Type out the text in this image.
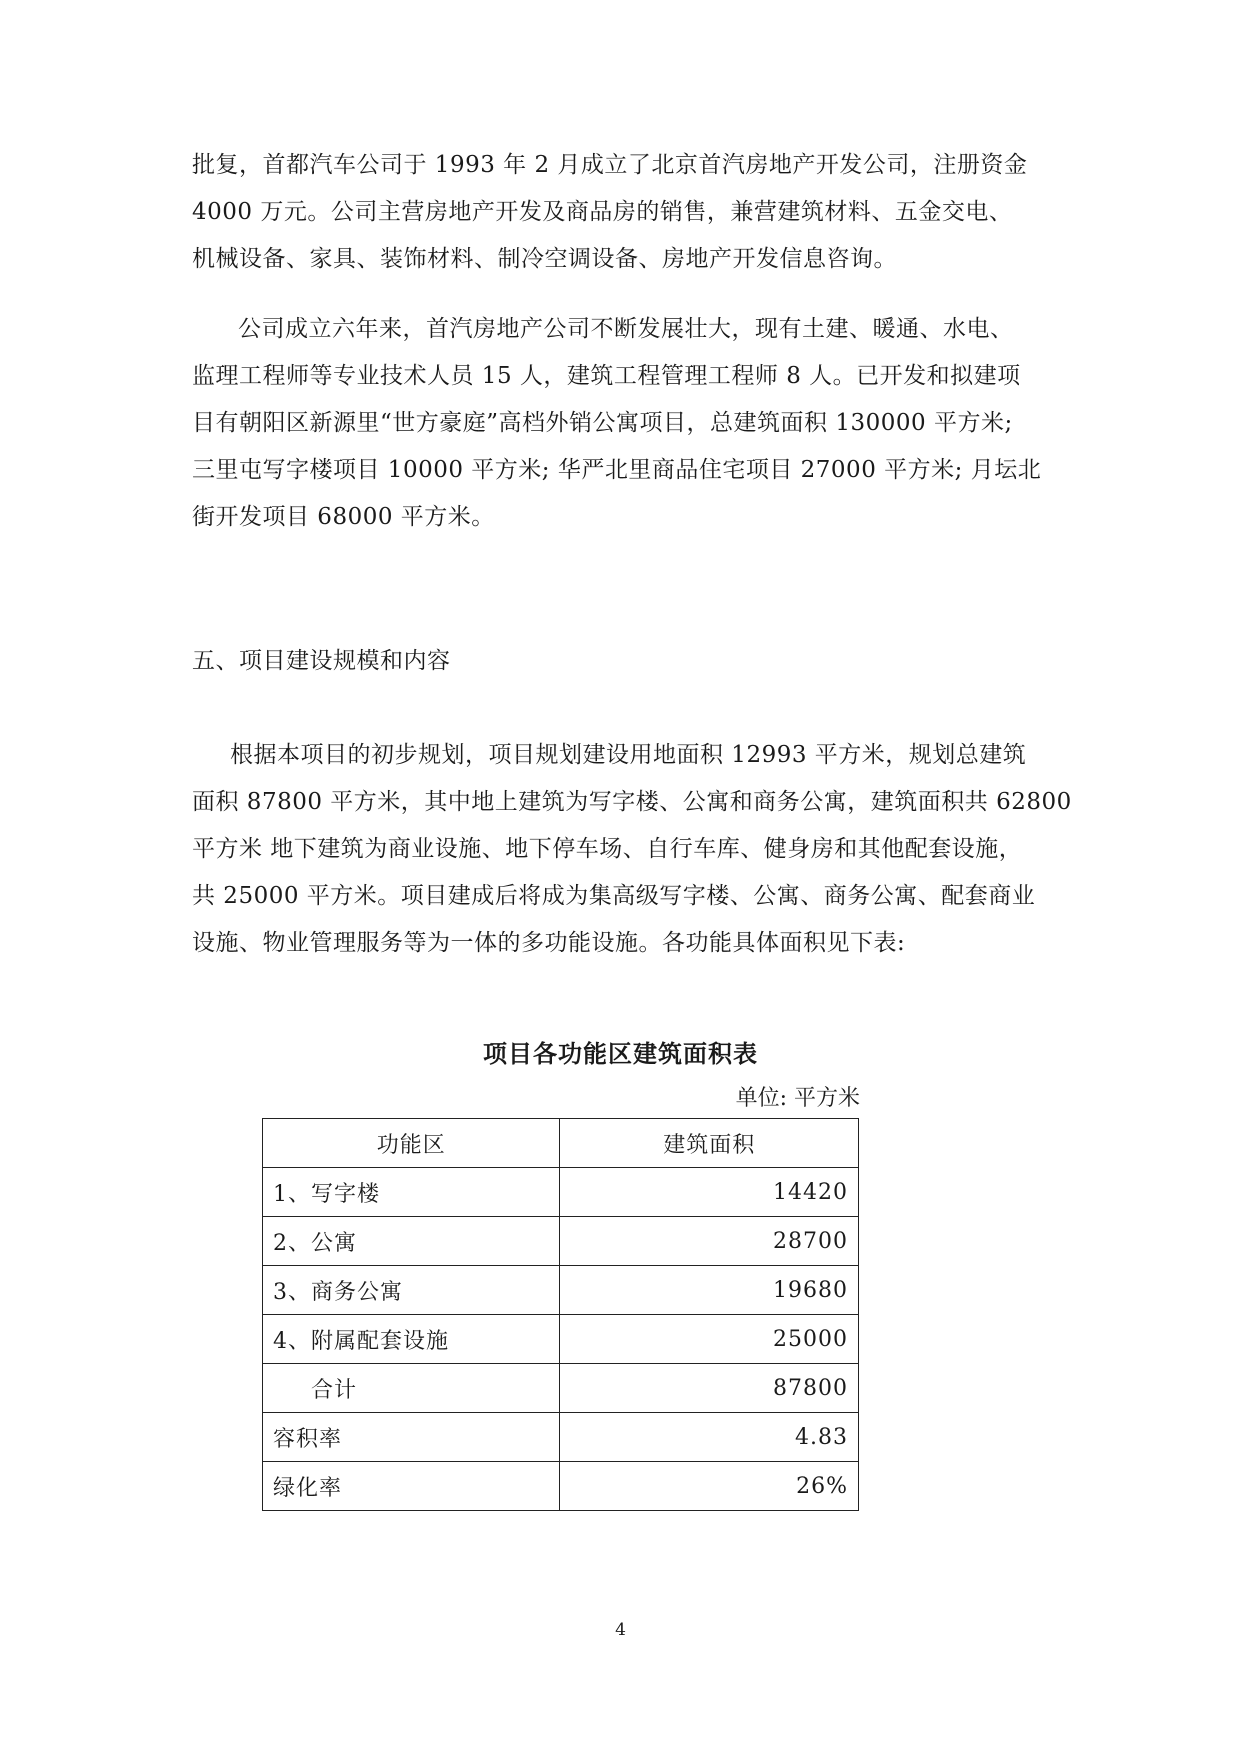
批复，首都汽车公司于 1993 年 2 月成立了北京首汽房地产开发公司，注册资金
4000 万元。公司主营房地产开发及商品房的销售，兼营建筑材料、五金交电、
机械设备、家具、装饰材料、制冷空调设备、房地产开发信息咨询。
公司成立六年来，首汽房地产公司不断发展壮大，现有土建、暖通、水电、
监理工程师等专业技术人员 15 人，建筑工程管理工程师 8 人。已开发和拟建项
目有朝阳区新源里“世方豪庭”高档外销公寓项目，总建筑面积 130000 平方米;
三里屯写字楼项目 10000 平方米; 华严北里商品住宅项目 27000 平方米; 月坛北
街开发项目 68000 平方米。

五、项目建设规模和内容

根据本项目的初步规划，项目规划建设用地面积 12993 平方米，规划总建筑
面积 87800 平方米，其中地上建筑为写字楼、公寓和商务公寓，建筑面积共 62800
平方米 地下建筑为商业设施、地下停车场、自行车库、健身房和其他配套设施，
共 25000 平方米。项目建成后将成为集高级写字楼、公寓、商务公寓、配套商业
设施、物业管理服务等为一体的多功能设施。各功能具体面积见下表:

项目各功能区建筑面积表

单位: 平方米

功能区	建筑面积
1、写字楼	14420
2、公寓	28700
3、商务公寓	19680
4、附属配套设施	25000
合计	87800
容积率	4.83
绿化率	26%
4
